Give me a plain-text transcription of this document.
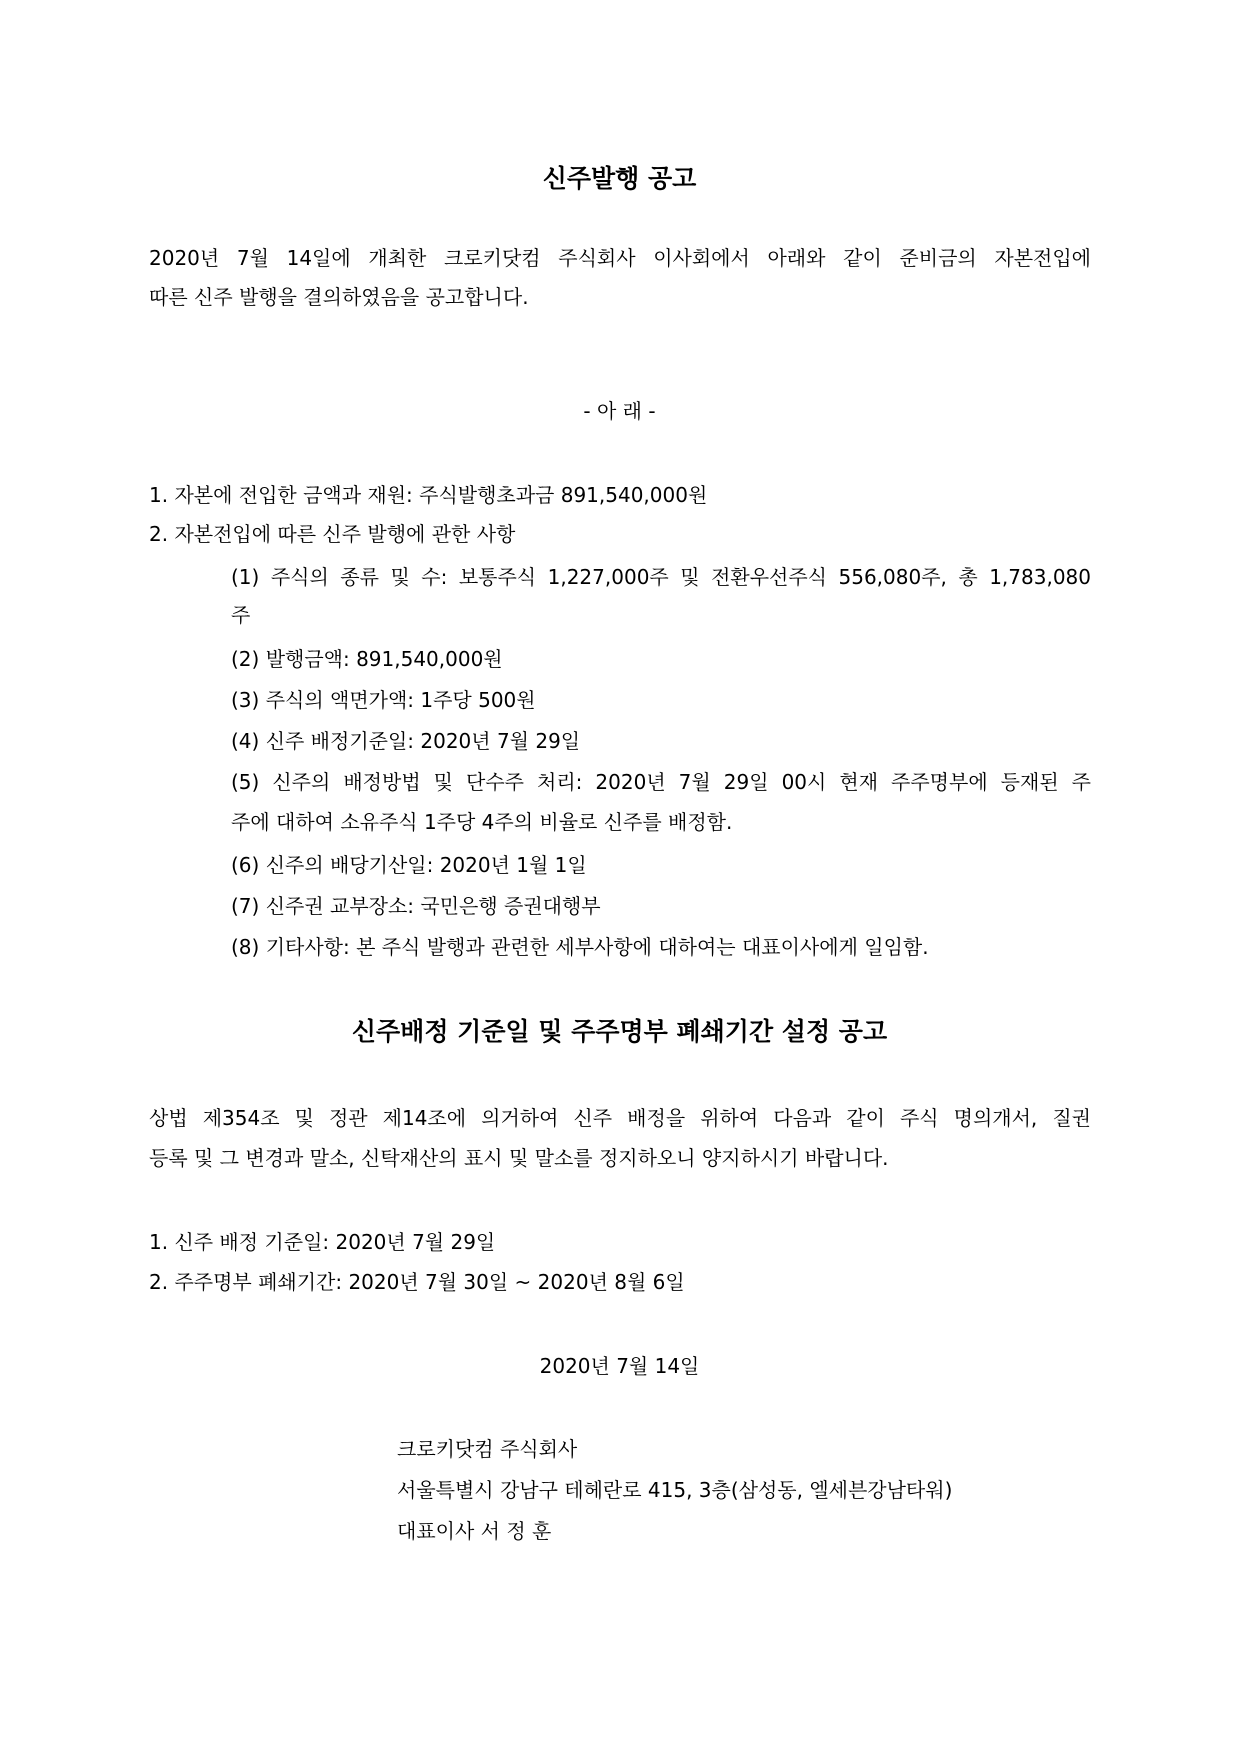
신주발행 공고
2020년 7월 14일에 개최한 크로키닷컴 주식회사 이사회에서 아래와 같이 준비금의 자본전입에
따른 신주 발행을 결의하였음을 공고합니다.
- 아 래 -
1. 자본에 전입한 금액과 재원: 주식발행초과금 891,540,000원
2. 자본전입에 따른 신주 발행에 관한 사항
(1) 주식의 종류 및 수: 보통주식 1,227,000주 및 전환우선주식 556,080주, 총 1,783,080
주
(2) 발행금액: 891,540,000원
(3) 주식의 액면가액: 1주당 500원
(4) 신주 배정기준일: 2020년 7월 29일
(5) 신주의 배정방법 및 단수주 처리: 2020년 7월 29일 00시 현재 주주명부에 등재된 주
주에 대하여 소유주식 1주당 4주의 비율로 신주를 배정함.
(6) 신주의 배당기산일: 2020년 1월 1일
(7) 신주권 교부장소: 국민은행 증권대행부
(8) 기타사항: 본 주식 발행과 관련한 세부사항에 대하여는 대표이사에게 일임함.
신주배정 기준일 및 주주명부 폐쇄기간 설정 공고
상법 제354조 및 정관 제14조에 의거하여 신주 배정을 위하여 다음과 같이 주식 명의개서, 질권
등록 및 그 변경과 말소, 신탁재산의 표시 및 말소를 정지하오니 양지하시기 바랍니다.
1. 신주 배정 기준일: 2020년 7월 29일
2. 주주명부 폐쇄기간: 2020년 7월 30일 ~ 2020년 8월 6일
2020년 7월 14일
크로키닷컴 주식회사
서울특별시 강남구 테헤란로 415, 3층(삼성동, 엘세븐강남타워)
대표이사 서 정 훈
